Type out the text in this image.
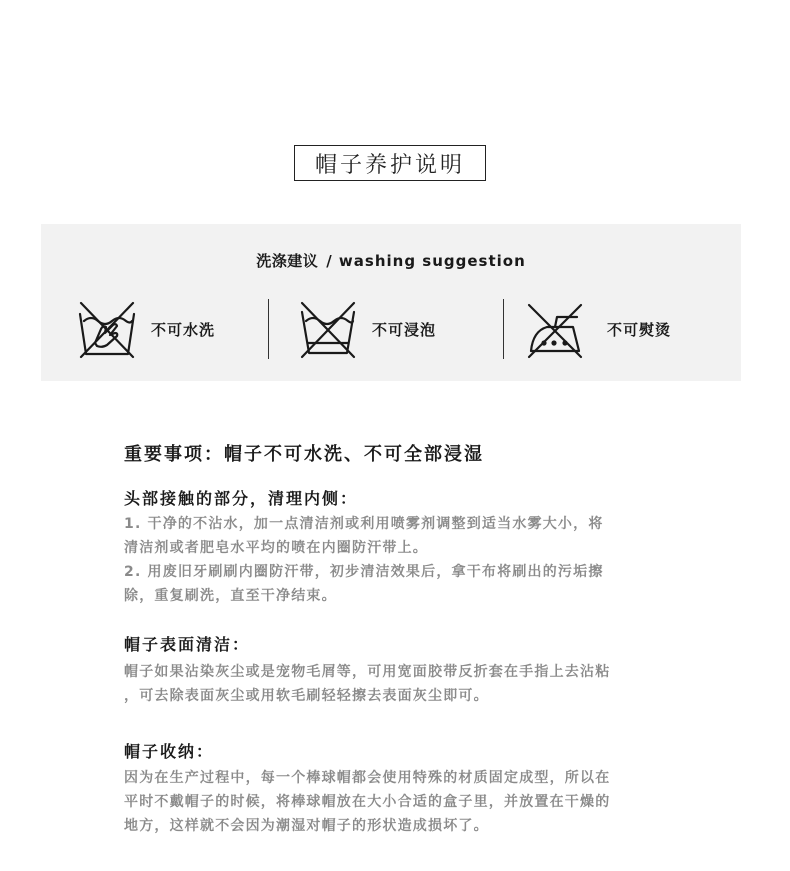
帽子养护说明
洗涤建议 / washing suggestion
不可水洗	不可浸泡	不可熨烫
重要事项：帽子不可水洗、不可全部浸湿
头部接触的部分，清理内侧：
1. 干净的不沾水，加一点清洁剂或利用喷雾剂调整到适当水雾大小，将
清洁剂或者肥皂水平均的喷在内圈防汗带上。
2. 用废旧牙刷刷内圈防汗带，初步清洁效果后，拿干布将刷出的污垢擦
除，重复刷洗，直至干净结束。
帽子表面清洁：
帽子如果沾染灰尘或是宠物毛屑等，可用宽面胶带反折套在手指上去沾粘
，可去除表面灰尘或用软毛刷轻轻擦去表面灰尘即可。
帽子收纳：
因为在生产过程中，每一个棒球帽都会使用特殊的材质固定成型，所以在
平时不戴帽子的时候，将棒球帽放在大小合适的盒子里，并放置在干燥的
地方，这样就不会因为潮湿对帽子的形状造成损坏了。
